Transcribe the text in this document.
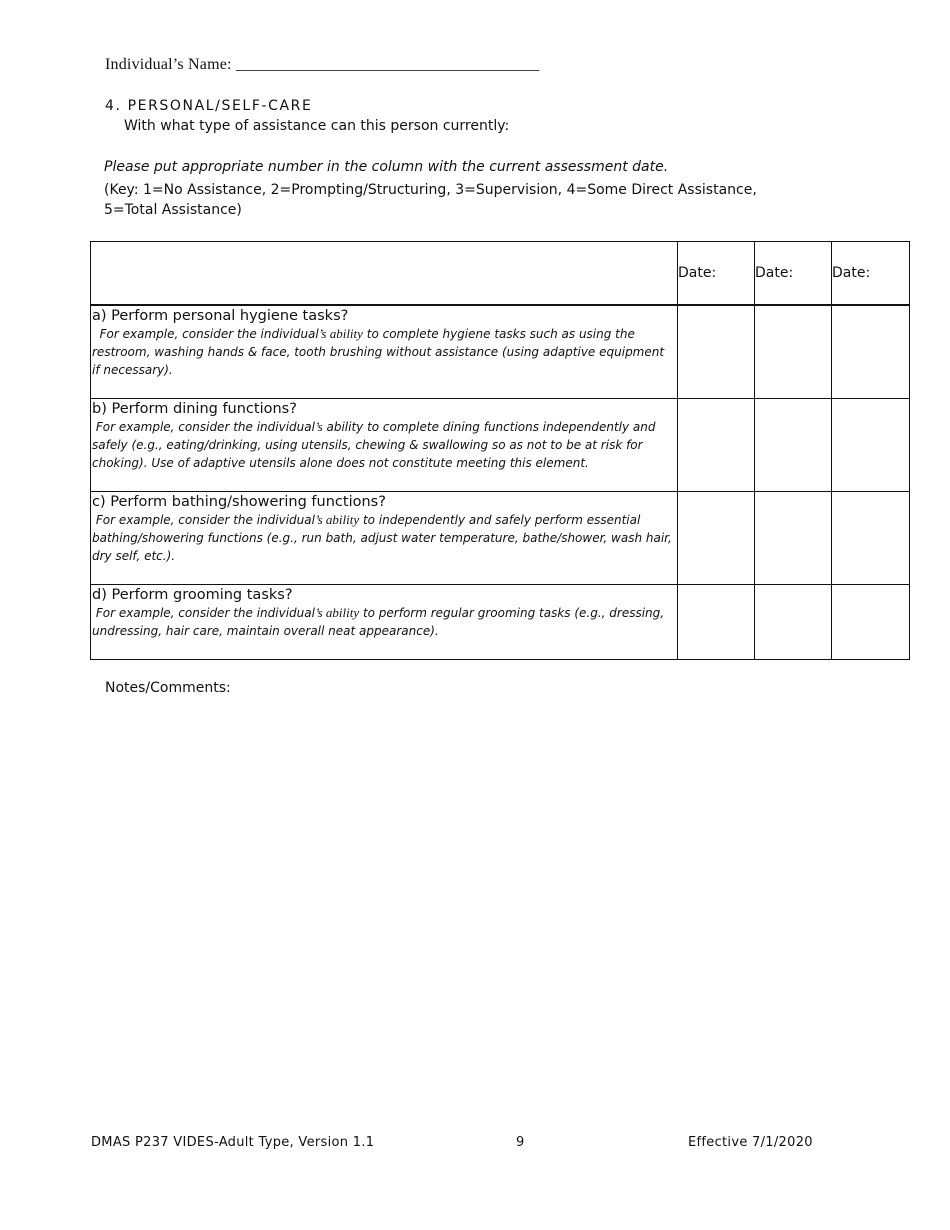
Individual’s Name: _____________________________________
4. PERSONAL/SELF-CARE
With what type of assistance can this person currently:
Please put appropriate number in the column with the current assessment date.
(Key: 1=No Assistance, 2=Prompting/Structuring, 3=Supervision, 4=Some Direct Assistance,
5=Total Assistance)
	Date:	Date:	Date:

a) Perform personal hygiene tasks?
For example, consider the individual’s ability to complete hygiene tasks such as using the restroom, washing hands & face, tooth brushing without assistance (using adaptive equipment if necessary).			

b) Perform dining functions?
For example, consider the individual’s ability to complete dining functions independently and safely (e.g., eating/drinking, using utensils, chewing & swallowing so as not to be at risk for choking). Use of adaptive utensils alone does not constitute meeting this element.			

c) Perform bathing/showering functions?
For example, consider the individual’s ability to independently and safely perform essential bathing/showering functions (e.g., run bath, adjust water temperature, bathe/shower, wash hair, dry self, etc.).			

d) Perform grooming tasks?
For example, consider the individual’s ability to perform regular grooming tasks (e.g., dressing, undressing, hair care, maintain overall neat appearance).			

Notes/Comments:
DMAS P237 VIDES-Adult Type, Version 1.1	9	Effective 7/1/2020
